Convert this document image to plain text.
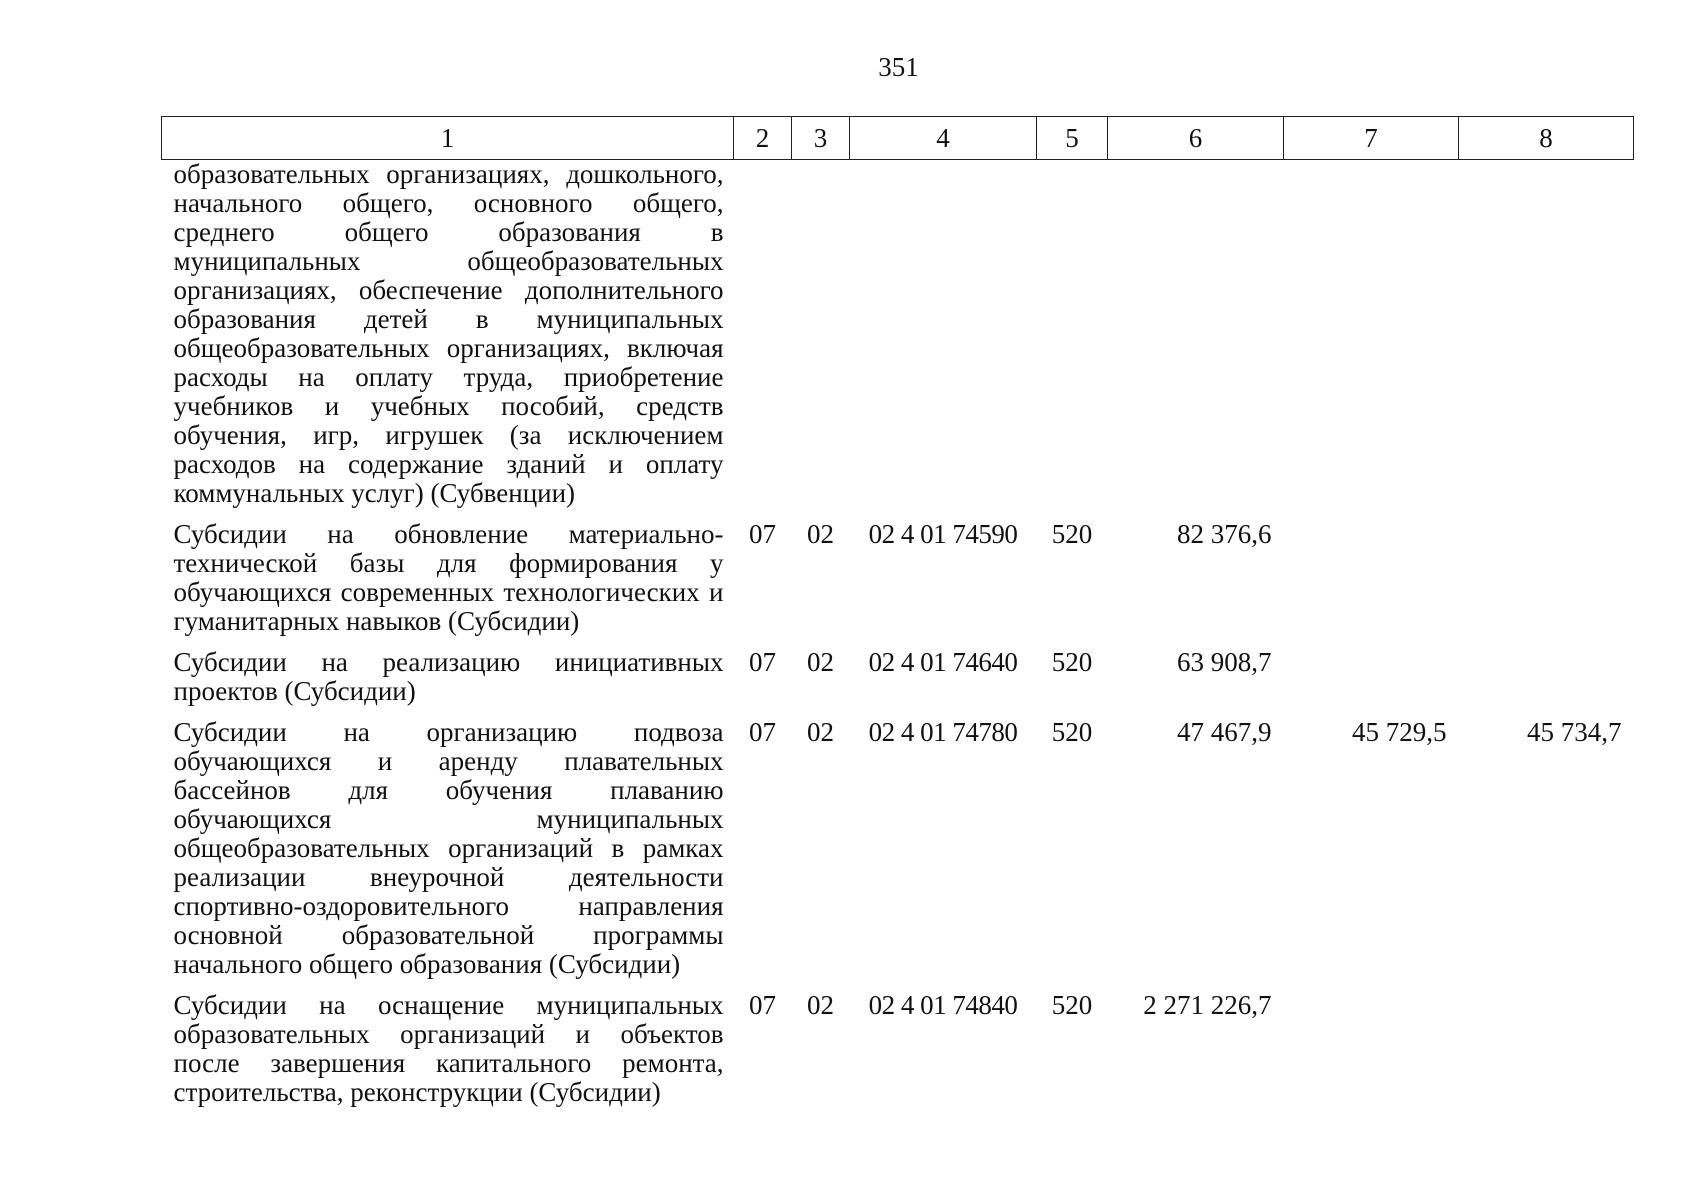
351
1	2	3	4	5	6	7	8
образовательных организациях, дошкольного, начального общего, основного общего, среднего общего образования в муниципальных общеобразовательных организациях, обеспечение дополнительного образования детей в муниципальных общеобразовательных организациях, включая расходы на оплату труда, приобретение учебников и учебных пособий, средств обучения, игр, игрушек (за исключением расходов на содержание зданий и оплату коммунальных услуг) (Субвенции)							
Субсидии на обновление материально-технической базы для формирования у обучающихся современных технологических и гуманитарных навыков (Субсидии)	07	02	02 4 01 74590	520	82 376,6		
Субсидии на реализацию инициативных проектов (Субсидии)	07	02	02 4 01 74640	520	63 908,7		
Субсидии на организацию подвоза обучающихся и аренду плавательных бассейнов для обучения плаванию обучающихся муниципальных общеобразовательных организаций в рамках реализации внеурочной деятельности спортивно-оздоровительного направления основной образовательной программы начального общего образования (Субсидии)	07	02	02 4 01 74780	520	47 467,9	45 729,5	45 734,7
Субсидии на оснащение муниципальных образовательных организаций и объектов после завершения капитального ремонта, строительства, реконструкции (Субсидии)	07	02	02 4 01 74840	520	2 271 226,7		
